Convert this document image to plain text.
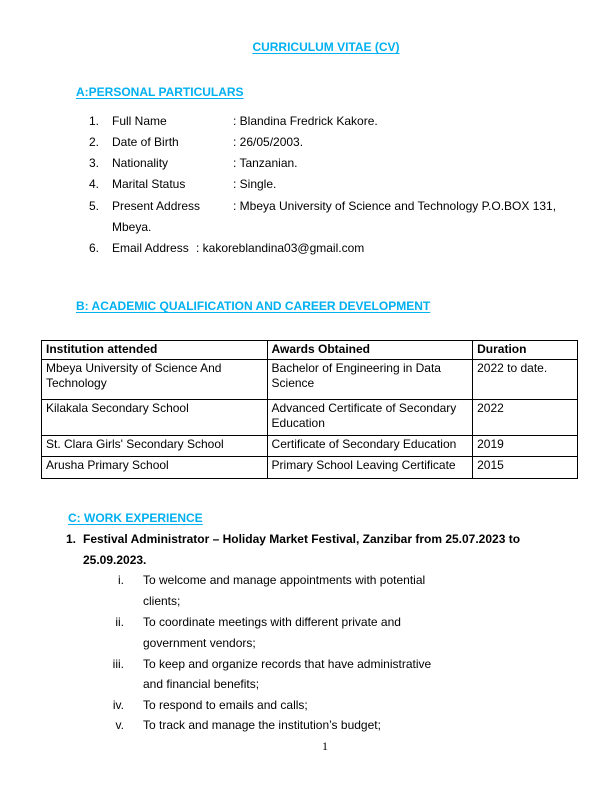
CURRICULUM VITAE (CV)
A:PERSONAL PARTICULARS
1. Full Name	: Blandina Fredrick Kakore.
2. Date of Birth	: 26/05/2003.
3. Nationality	: Tanzanian.
4. Marital Status	: Single.
5. Present Address	: Mbeya University of Science and Technology P.O.BOX 131,
Mbeya.
6. Email Address : kakoreblandina03@gmail.com
B: ACADEMIC QUALIFICATION AND CAREER DEVELOPMENT
Institution attended	Awards Obtained	Duration
Mbeya University of Science And Technology	Bachelor of Engineering in Data Science	2022 to date.
Kilakala Secondary School	Advanced Certificate of Secondary Education	2022
St. Clara Girls' Secondary School	Certificate of Secondary Education	2019
Arusha Primary School	Primary School Leaving Certificate	2015
C: WORK EXPERIENCE
1. Festival Administrator – Holiday Market Festival, Zanzibar from 25.07.2023 to
25.09.2023.
i. To welcome and manage appointments with potential
clients;
ii. To coordinate meetings with different private and
government vendors;
iii. To keep and organize records that have administrative
and financial benefits;
iv. To respond to emails and calls;
v. To track and manage the institution’s budget;
1
